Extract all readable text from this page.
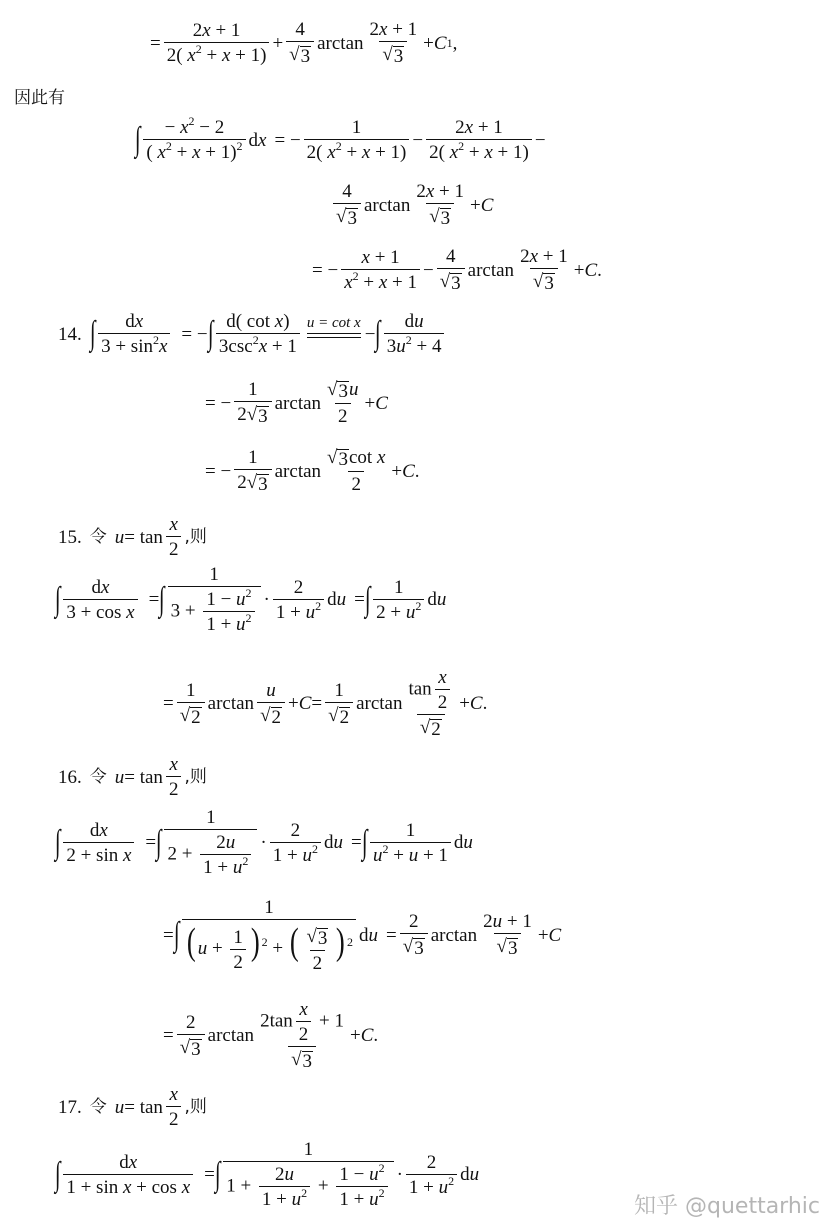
= $\frac{2x + 1}{2( x^2 + x + 1)} + \frac{4}{√ 3}$ $\arctan \frac{2x + 1}{√ 3} + C$ 1 ,
因此有
∫ $\frac{- x^2 - 2}{( x^2 + x + 1)^2}$ d x = − $\frac{1}{2( x^2 + x + 1)} - \frac{2x + 1}{2( x^2 + x + 1)}$ −
$\frac{4}{√ 3}$ $\arctan \frac{2x + 1}{√ 3} + C$
= − $\frac{x + 1}{x^2 + x + 1} - \frac{4}{√ 3}$ $\arctan \frac{2x + 1}{√ 3} + C$ .
14. ∫ $\frac{dx}{3 + \sin^2x}$ = − ∫ $\frac{\text{d( cot x)}}{3\csc^2x + 1}$ u = cot x
− ∫ $\frac{du}{3u^2 + 4}$
= − $\frac{1}{2 √ 3}$ $\arctan \frac{√ 3 u}{2} + C$
= − $\frac{1}{2 √ 3}$ $\arctan \frac{\text{√ 3 cot x}}{2} + C$ .
15. 令 $u = \tan \frac{x}{2}$ ,则
∫ $\frac{dx}{\text{3 + cos x}}$ = ∫ $\frac{1}{3 + \frac{1 - u^2}{1 + u^2}} \cdot \frac{2}{1 + u^2}$ d u = ∫ $\frac{1}{2 + u^2}$ d u
= $\frac{1}{√ 2}$ $\arctan \frac{u}{√ 2} + C = \frac{1}{√ 2}$ $\arctan \frac{\tan \frac{x}{2}}{√ 2} + C$ .
16. 令 $u = \tan \frac{x}{2}$ ,则
∫ $\frac{dx}{\text{2 + sin x}}$ = ∫ $\frac{1}{2 + \frac{2u}{1 + u^2}} \cdot \frac{2}{1 + u^2}$ d u = ∫ $\frac{1}{u^2 + u + 1}$ d u
= ∫ $\frac{1}{(u + \frac{1}{2} ) ^2 + ( \frac{√ 3}{2} ) ^2}$ d $u = \frac{2}{√ 3}$ $\arctan \frac{2u + 1}{√ 3} + C$
= $\frac{2}{√ 3}$ $\arctan \frac{2\tan \frac{x}{2} + 1}{√ 3} + C$ .
17. 令 $u = \tan \frac{x}{2}$ ,则
∫ $\frac{dx}{\text{1 + sin x + cos x}}$ = ∫ $\frac{1}{1 + \frac{2u}{1 + u^2} + \frac{1 - u^2}{1 + u^2}} \cdot \frac{2}{1 + u^2}$ d u
知乎 @quettarhic
